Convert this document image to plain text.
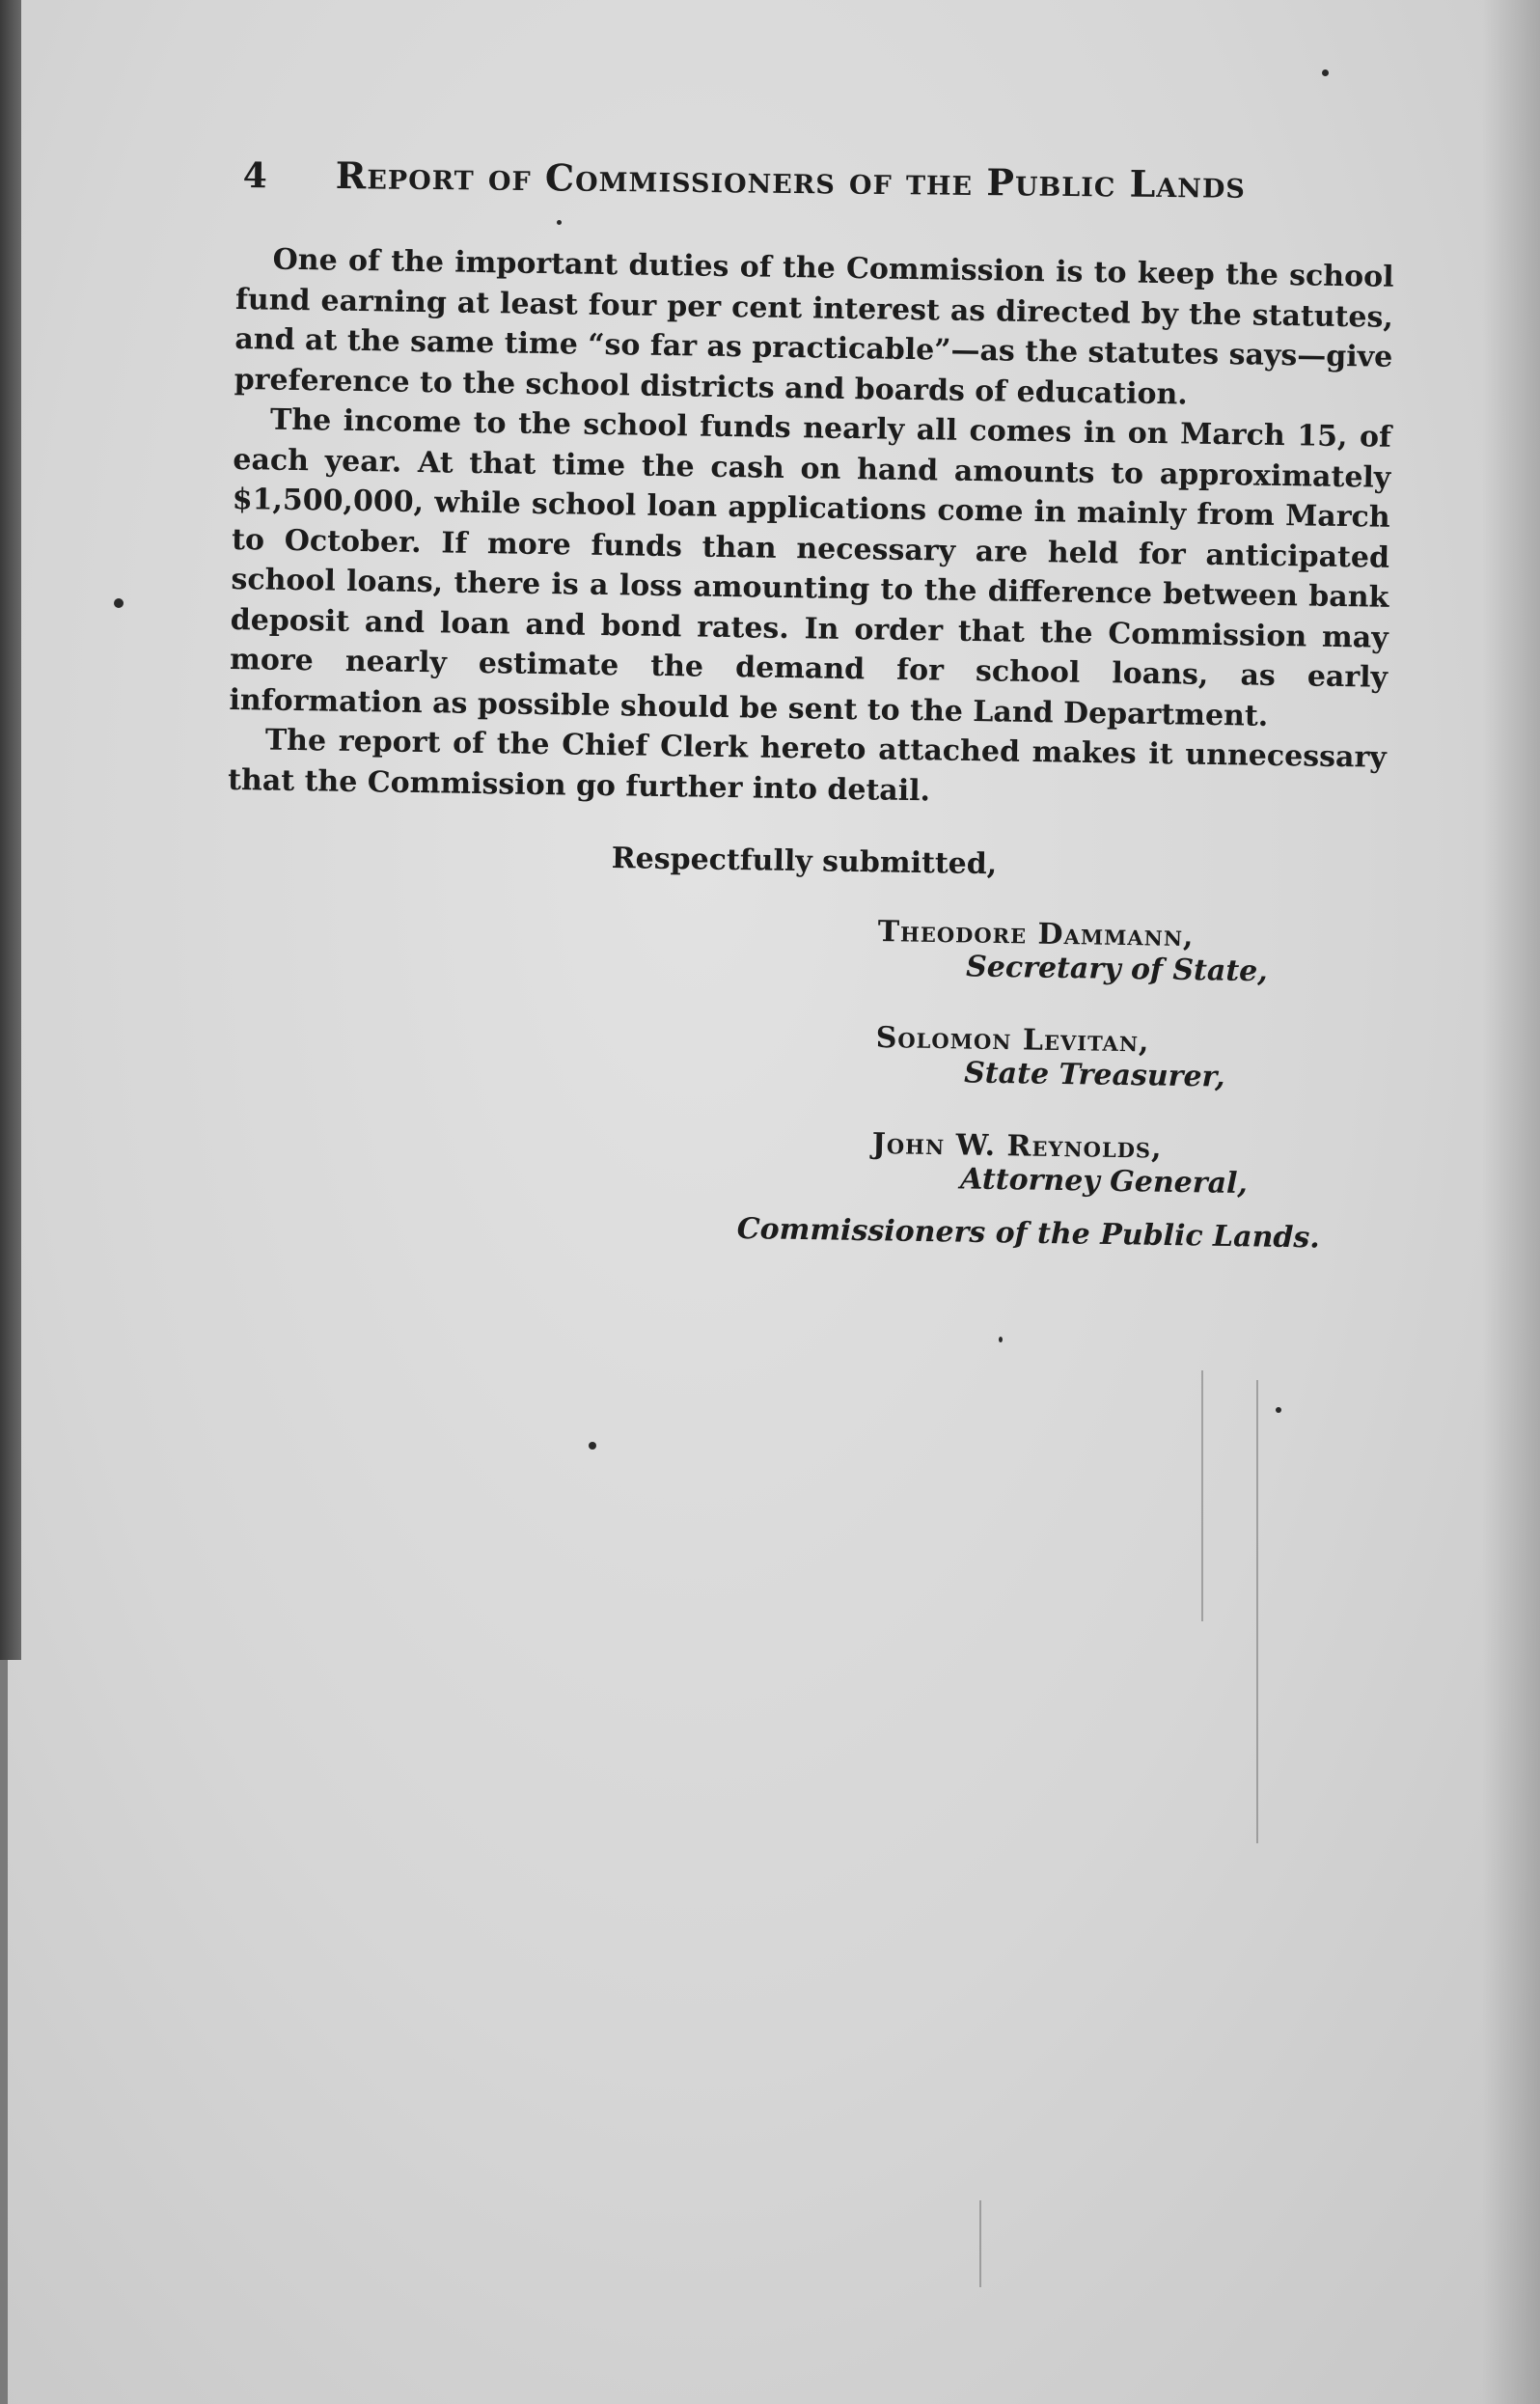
4	Report of Commissioners of the Public Lands

One of the important duties of the Commission is to keep the school fund earning at least four per cent interest as directed by the statutes, and at the same time “so far as practicable”—as the statutes says—give preference to the school districts and boards of education.

The income to the school funds nearly all comes in on March 15, of each year. At that time the cash on hand amounts to approximately $1,500,000, while school loan applications come in mainly from March to October. If more funds than necessary are held for anticipated school loans, there is a loss amounting to the difference between bank deposit and loan and bond rates. In order that the Commission may more nearly estimate the demand for school loans, as early information as possible should be sent to the Land Department.

The report of the Chief Clerk hereto attached makes it unnecessary that the Commission go further into detail.

Respectfully submitted,
Theodore Dammann,
Secretary of State,
Solomon Levitan,
State Treasurer,
John W. Reynolds,
Attorney General,
Commissioners of the Public Lands.
